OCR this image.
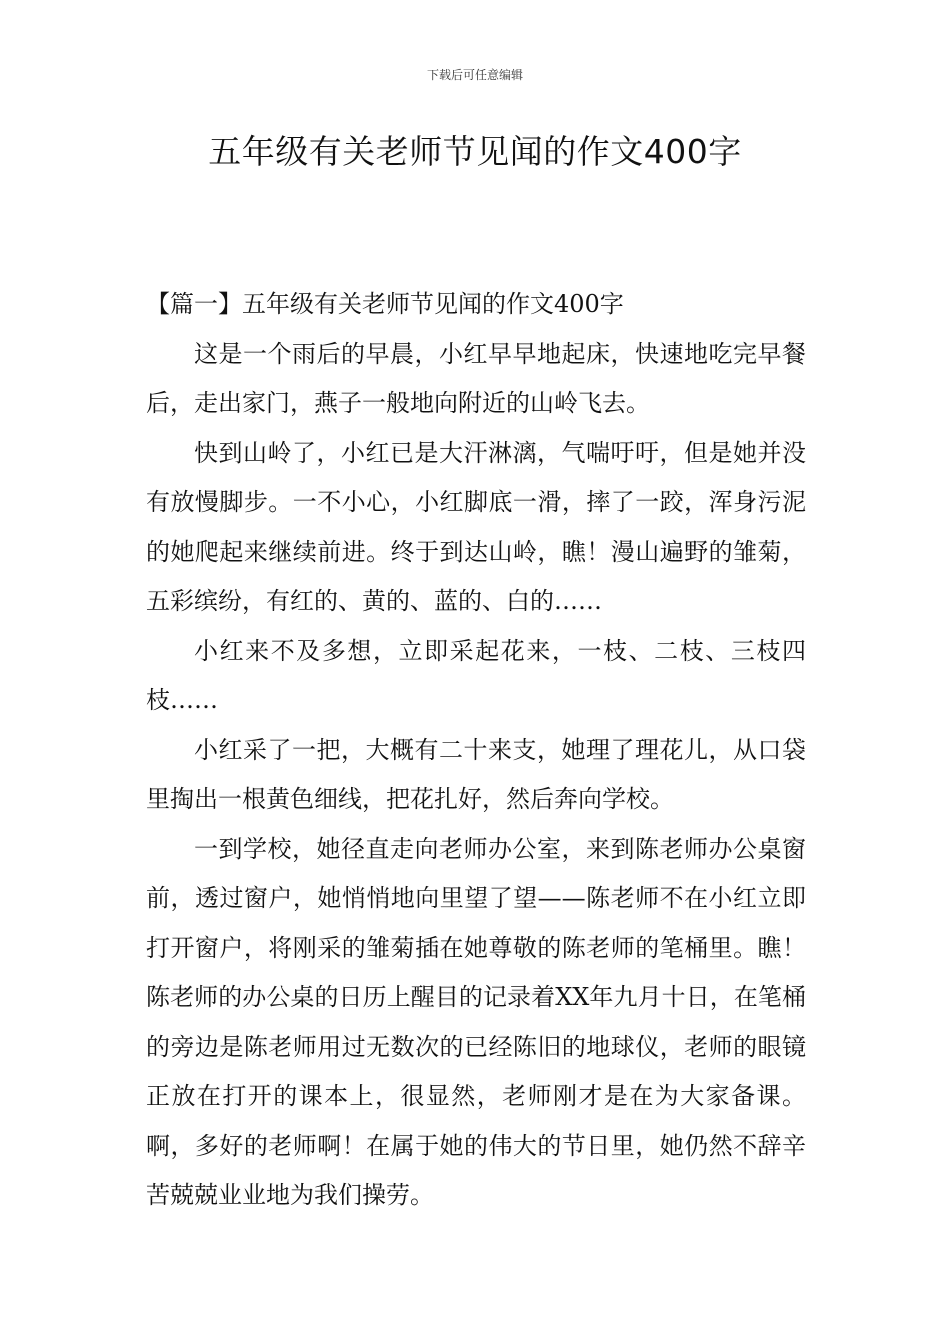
下载后可任意编辑
五年级有关老师节见闻的作文400字

【篇一】五年级有关老师节见闻的作文400字

这是一个雨后的早晨，小红早早地起床，快速地吃完早餐后，走出家门，燕子一般地向附近的山岭飞去。

快到山岭了，小红已是大汗淋漓，气喘吁吁，但是她并没有放慢脚步。一不小心，小红脚底一滑，摔了一跤，浑身污泥的她爬起来继续前进。终于到达山岭，瞧！漫山遍野的雏菊，五彩缤纷，有红的、黄的、蓝的、白的……

小红来不及多想，立即采起花来，一枝、二枝、三枝四枝……

小红采了一把，大概有二十来支，她理了理花儿，从口袋里掏出一根黄色细线，把花扎好，然后奔向学校。

一到学校，她径直走向老师办公室，来到陈老师办公桌窗前，透过窗户，她悄悄地向里望了望——陈老师不在小红立即打开窗户，将刚采的雏菊插在她尊敬的陈老师的笔桶里。瞧！陈老师的办公桌的日历上醒目的记录着XX年九月十日，在笔桶的旁边是陈老师用过无数次的已经陈旧的地球仪，老师的眼镜正放在打开的课本上，很显然，老师刚才是在为大家备课。啊，多好的老师啊！在属于她的伟大的节日里，她仍然不辞辛苦兢兢业业地为我们操劳。
